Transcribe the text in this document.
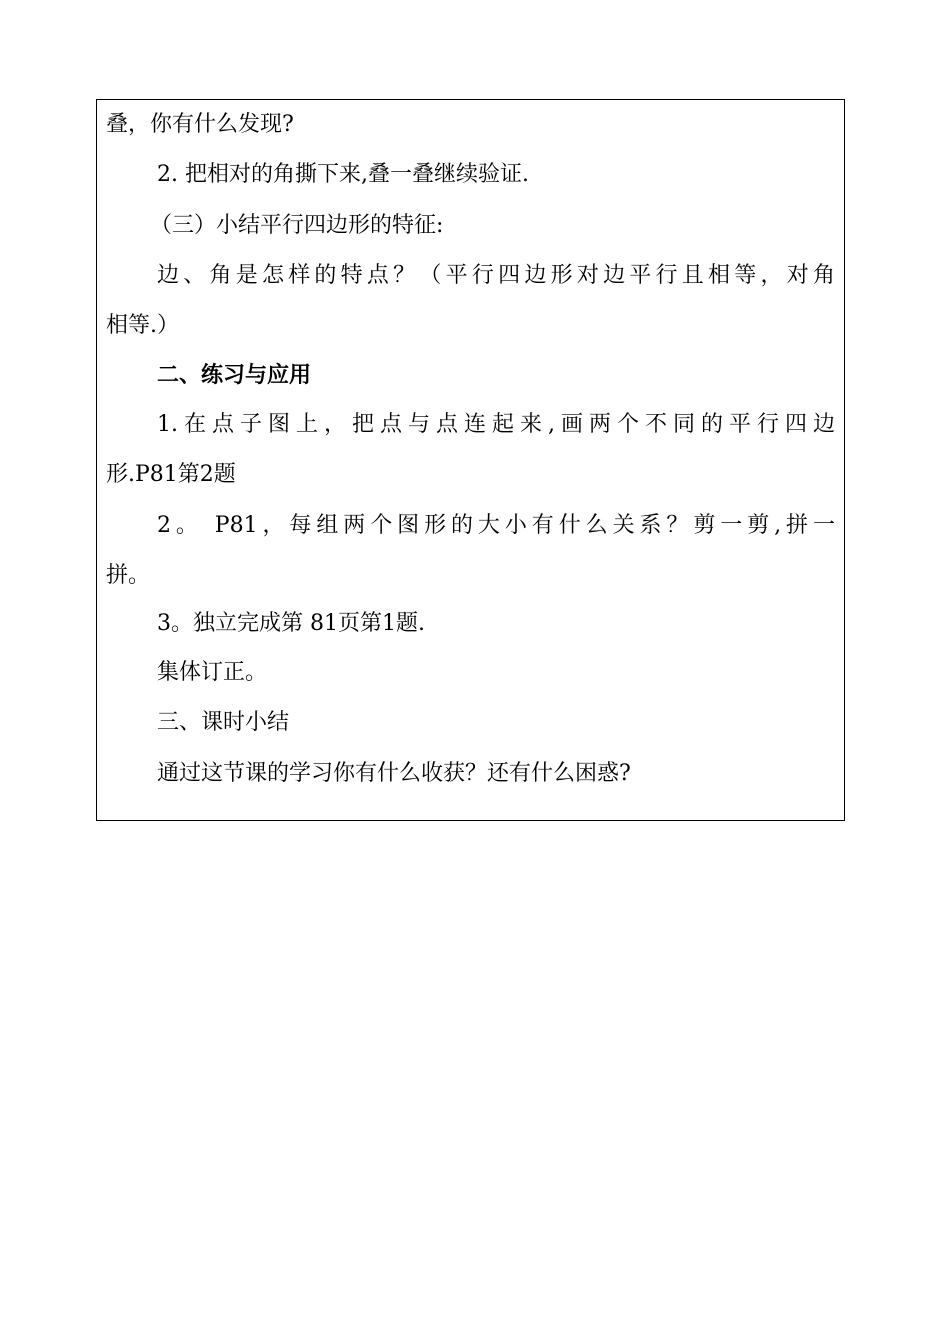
叠，你有什么发现?

2. 把相对的角撕下来,叠一叠继续验证.

（三）小结平行四边形的特征:

边、角是怎样的特点？（平行四边形对边平行且相等，对角

相等.）

二、练习与应用

1.在点子图上，把点与点连起来,画两个不同的平行四边

形.P81第2题

2。 P81，每组两个图形的大小有什么关系？剪一剪,拼一

拼。

3。独立完成第 81页第1题.

集体订正。

三、课时小结

通过这节课的学习你有什么收获？还有什么困惑?
